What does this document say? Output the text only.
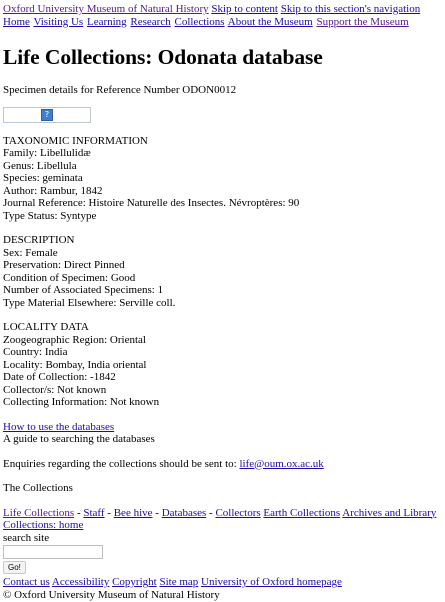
Oxford University Museum of Natural History Skip to content Skip to this section's navigation
Home Visiting Us Learning Research Collections About the Museum Support the Museum
Life Collections: Odonata database
Specimen details for Reference Number ODON0012
?
TAXONOMIC INFORMATION
Family: Libellulidæ
Genus: Libellula
Species: geminata
Author: Rambur, 1842
Journal Reference: Histoire Naturelle des Insectes. Névroptères: 90
Type Status: Syntype
DESCRIPTION
Sex: Female
Preservation: Direct Pinned
Condition of Specimen: Good
Number of Associated Specimens: 1
Type Material Elsewhere: Serville coll.
LOCALITY DATA
Zoogeographic Region: Oriental
Country: India
Locality: Bombay, India oriental
Date of Collection: -1842
Collector/s: Not known
Collecting Information: Not known
How to use the databases
A guide to searching the databases
Enquiries regarding the collections should be sent to: life@oum.ox.ac.uk
The Collections
Life Collections - Staff - Bee hive - Databases - Collectors Earth Collections Archives and Library
Collections: home
search site
Go!
Contact us Accessibility Copyright Site map University of Oxford homepage
© Oxford University Museum of Natural History
